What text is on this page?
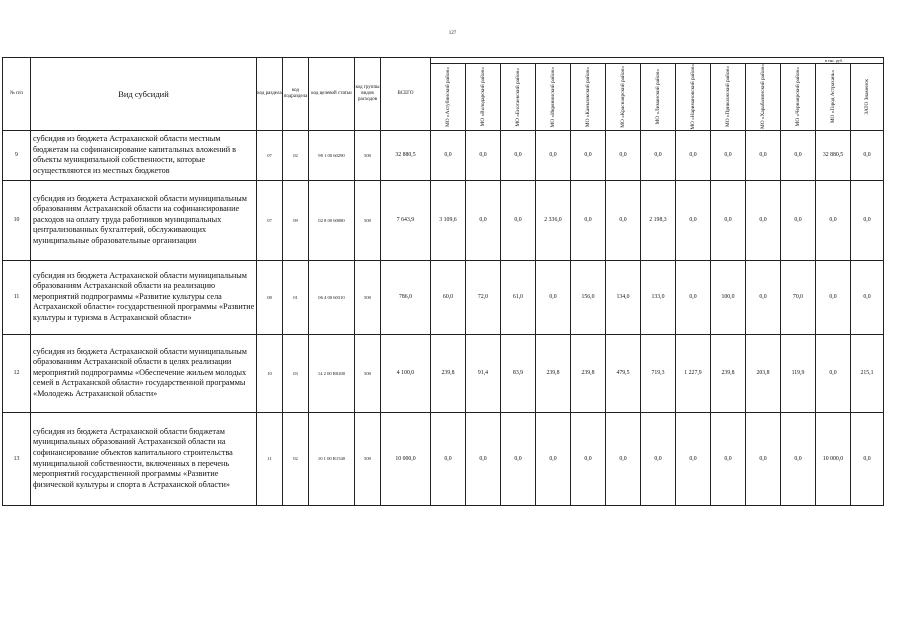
127
№ п/п	Вид субсидий	код раздела	код подраздела	код целевой статьи	код группы видов расходов	ВСЕГО	в тыс. руб.												

							МО «Ахтубинский район»	МО «Володарский район»	МО «Енотаевский район»	МО «Икрянинский район»	МО «Камызякский район»	МО «Красноярский район»	МО «Лиманский район»	МО «Наримановский район»	МО «Приволжский район»	МО «Харабалинский район»	МО «Черноярский район»	МО «Город Астрахань»	ЗАТО Знаменск

9	субсидия из бюджета Астраханской области местным бюджетам на софинансирование капитальных вложений в объекты муниципальной собственности, которые осуществляются из местных бюджетов	07	02	98 1 00 60290	500	32 880,5	0,0	0,0	0,0	0,0	0,0	0,0	0,0	0,0	0,0	0,0	0,0	32 880,5	0,0
10	субсидия из бюджета Астраханской области муниципальным образованиям Астраханской области на софинансирование расходов на оплату труда работников муниципальных централизованных бухгалтерий, обслуживающих муниципальные образовательные организации	07	09	02 8 00 60080	500	7 643,9	3 109,6	0,0	0,0	2 336,0	0,0	0,0	2 198,3	0,0	0,0	0,0	0,0	0,0	0,0
11	субсидия из бюджета Астраханской области муниципальным образованиям Астраханской области на реализацию мероприятий подпрограммы «Развитие культуры села Астраханской области» государственной программы «Развитие культуры и туризма в Астраханской области»	08	01	06 4 00 60310	500	786,0	60,0	72,0	61,0	0,0	156,0	134,0	133,0	0,0	100,0	0,0	70,0	0,0	0,0
12	субсидия из бюджета Астраханской области муниципальным образованиям Астраханской области в целях реализации мероприятий подпрограммы «Обеспечение жильем молодых семей в Астраханской области» государственной программы «Молодежь Астраханской области»	10	03	14 2 00 R0200	500	4 100,0	239,8	91,4	83,9	239,8	239,8	479,5	719,3	1 227,9	239,8	203,8	119,9	0,0	215,1
13	субсидия из бюджета Астраханской области бюджетам муниципальных образований Астраханской области на софинансирование объектов капитального строительства муниципальной собственности, включенных в перечень мероприятий государственной программы «Развитие физической культуры и спорта в Астраханской области»	11	02	10 1 00 R1540	500	10 000,0	0,0	0,0	0,0	0,0	0,0	0,0	0,0	0,0	0,0	0,0	0,0	10 000,0	0,0
